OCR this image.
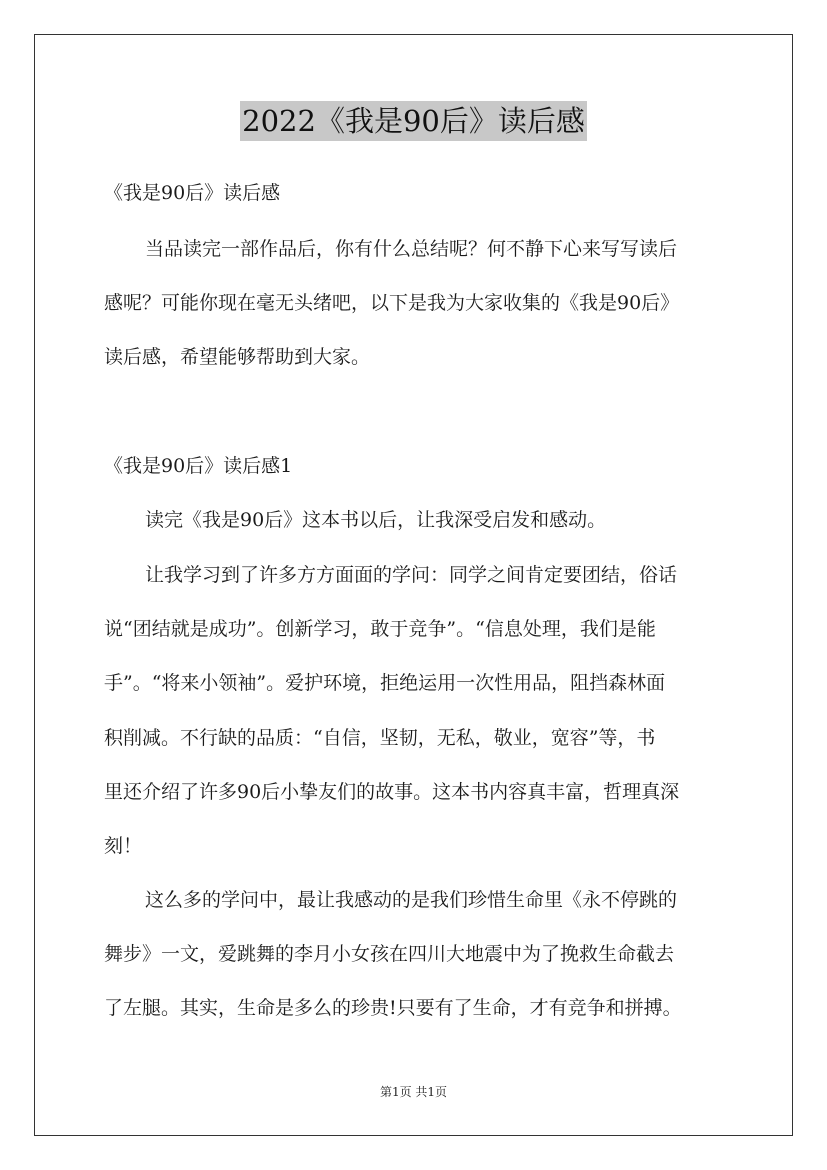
2022《我是90后》读后感
《我是90后》读后感
当品读完一部作品后，你有什么总结呢？何不静下心来写写读后
感呢？可能你现在毫无头绪吧，以下是我为大家收集的《我是90后》
读后感，希望能够帮助到大家。
《我是90后》读后感1
读完《我是90后》这本书以后，让我深受启发和感动。
让我学习到了许多方方面面的学问：同学之间肯定要团结，俗话
说“团结就是成功”。创新学习，敢于竞争”。“信息处理，我们是能
手”。“将来小领袖”。爱护环境，拒绝运用一次性用品，阻挡森林面
积削减。不行缺的品质：“自信，坚韧，无私，敬业，宽容”等，书
里还介绍了许多90后小挚友们的故事。这本书内容真丰富，哲理真深
刻！
这么多的学问中，最让我感动的是我们珍惜生命里《永不停跳的
舞步》一文，爱跳舞的李月小女孩在四川大地震中为了挽救生命截去
了左腿。其实，生命是多么的珍贵!只要有了生命，才有竞争和拼搏。
第1页 共1页
